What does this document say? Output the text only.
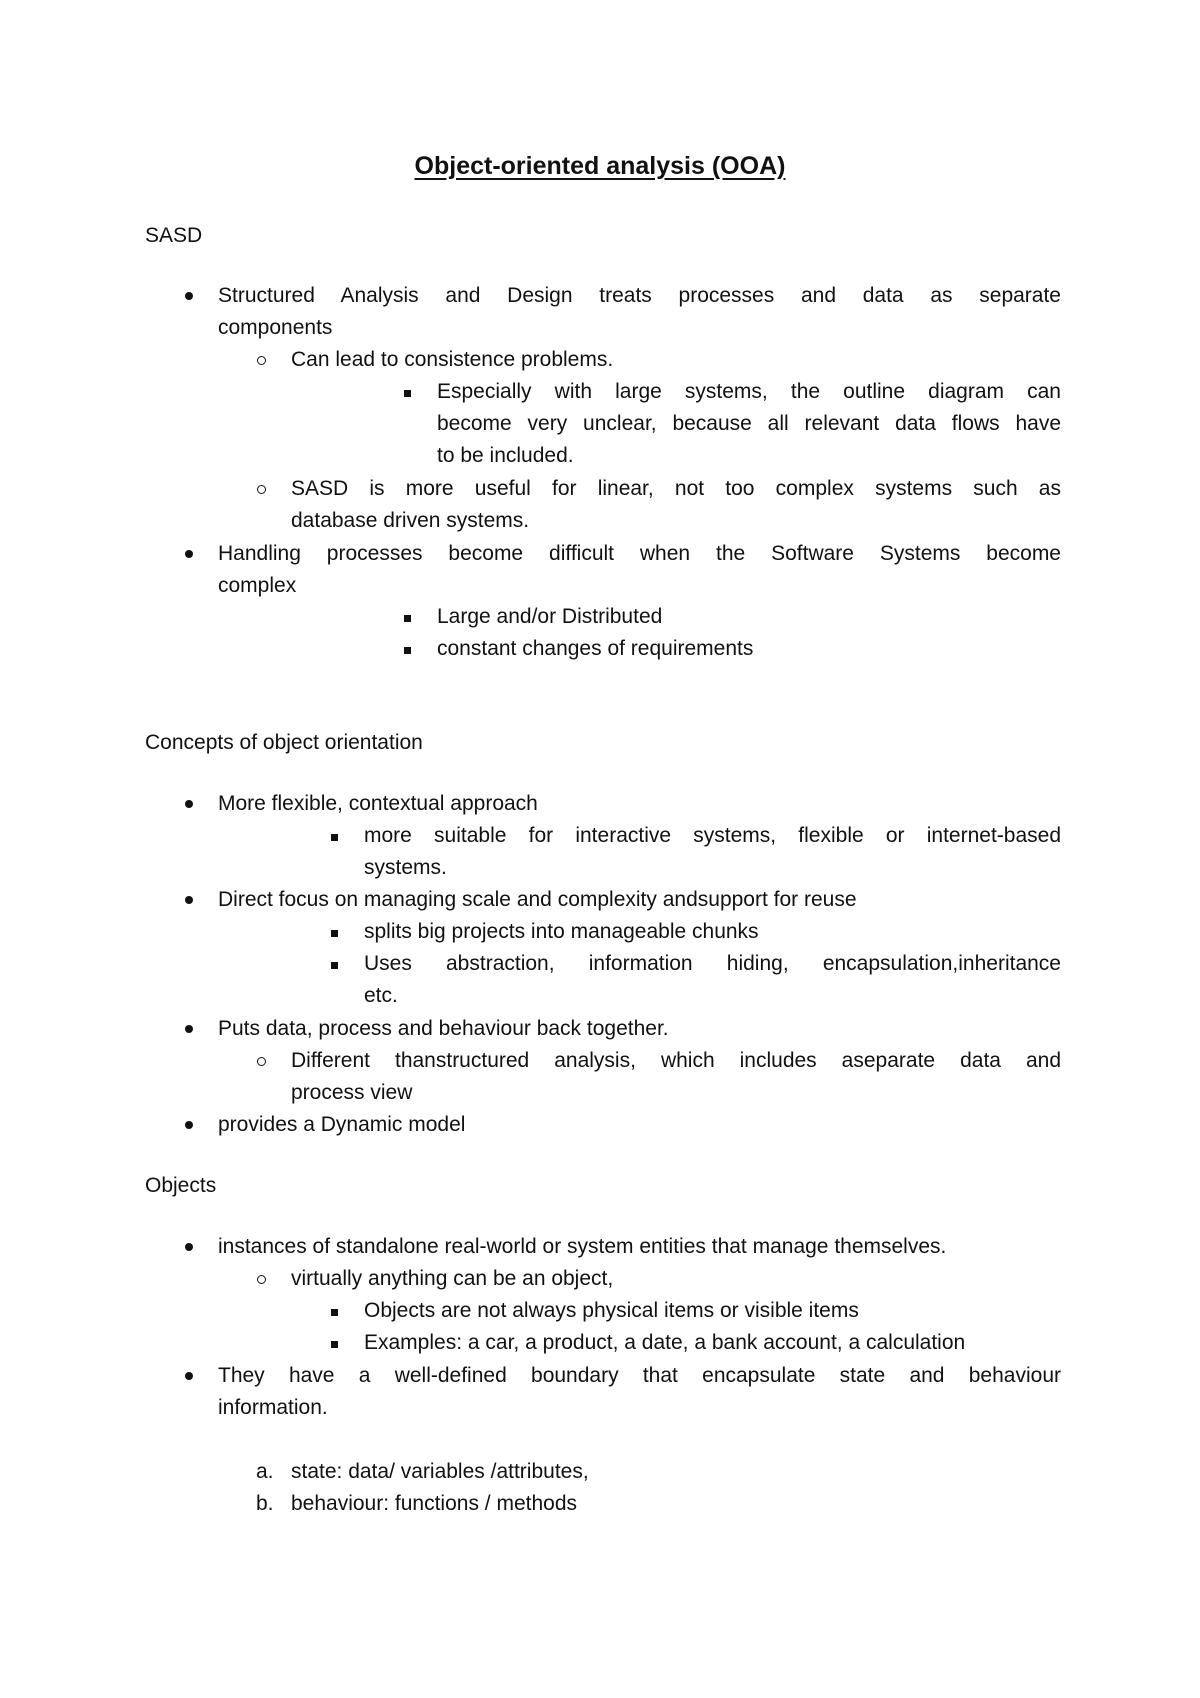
Object-oriented analysis (OOA)
SASD
Structured Analysis and Design treats processes and data as separate
components
Can lead to consistence problems.
Especially with large systems, the outline diagram can
become very unclear, because all relevant data flows have
to be included.
SASD is more useful for linear, not too complex systems such as
database driven systems.
Handling processes become difficult when the Software Systems become
complex
Large and/or Distributed
constant changes of requirements
Concepts of object orientation
More flexible, contextual approach
more suitable for interactive systems, flexible or internet-based
systems.
Direct focus on managing scale and complexity andsupport for reuse
splits big projects into manageable chunks
Uses abstraction, information hiding, encapsulation,inheritance
etc.
Puts data, process and behaviour back together.
Different thanstructured analysis, which includes aseparate data and
process view
provides a Dynamic model
Objects
instances of standalone real-world or system entities that manage themselves.
virtually anything can be an object,
Objects are not always physical items or visible items
Examples: a car, a product, a date, a bank account, a calculation
They have a well-defined boundary that encapsulate state and behaviour
information.
a. state: data/ variables /attributes,
b. behaviour: functions / methods
